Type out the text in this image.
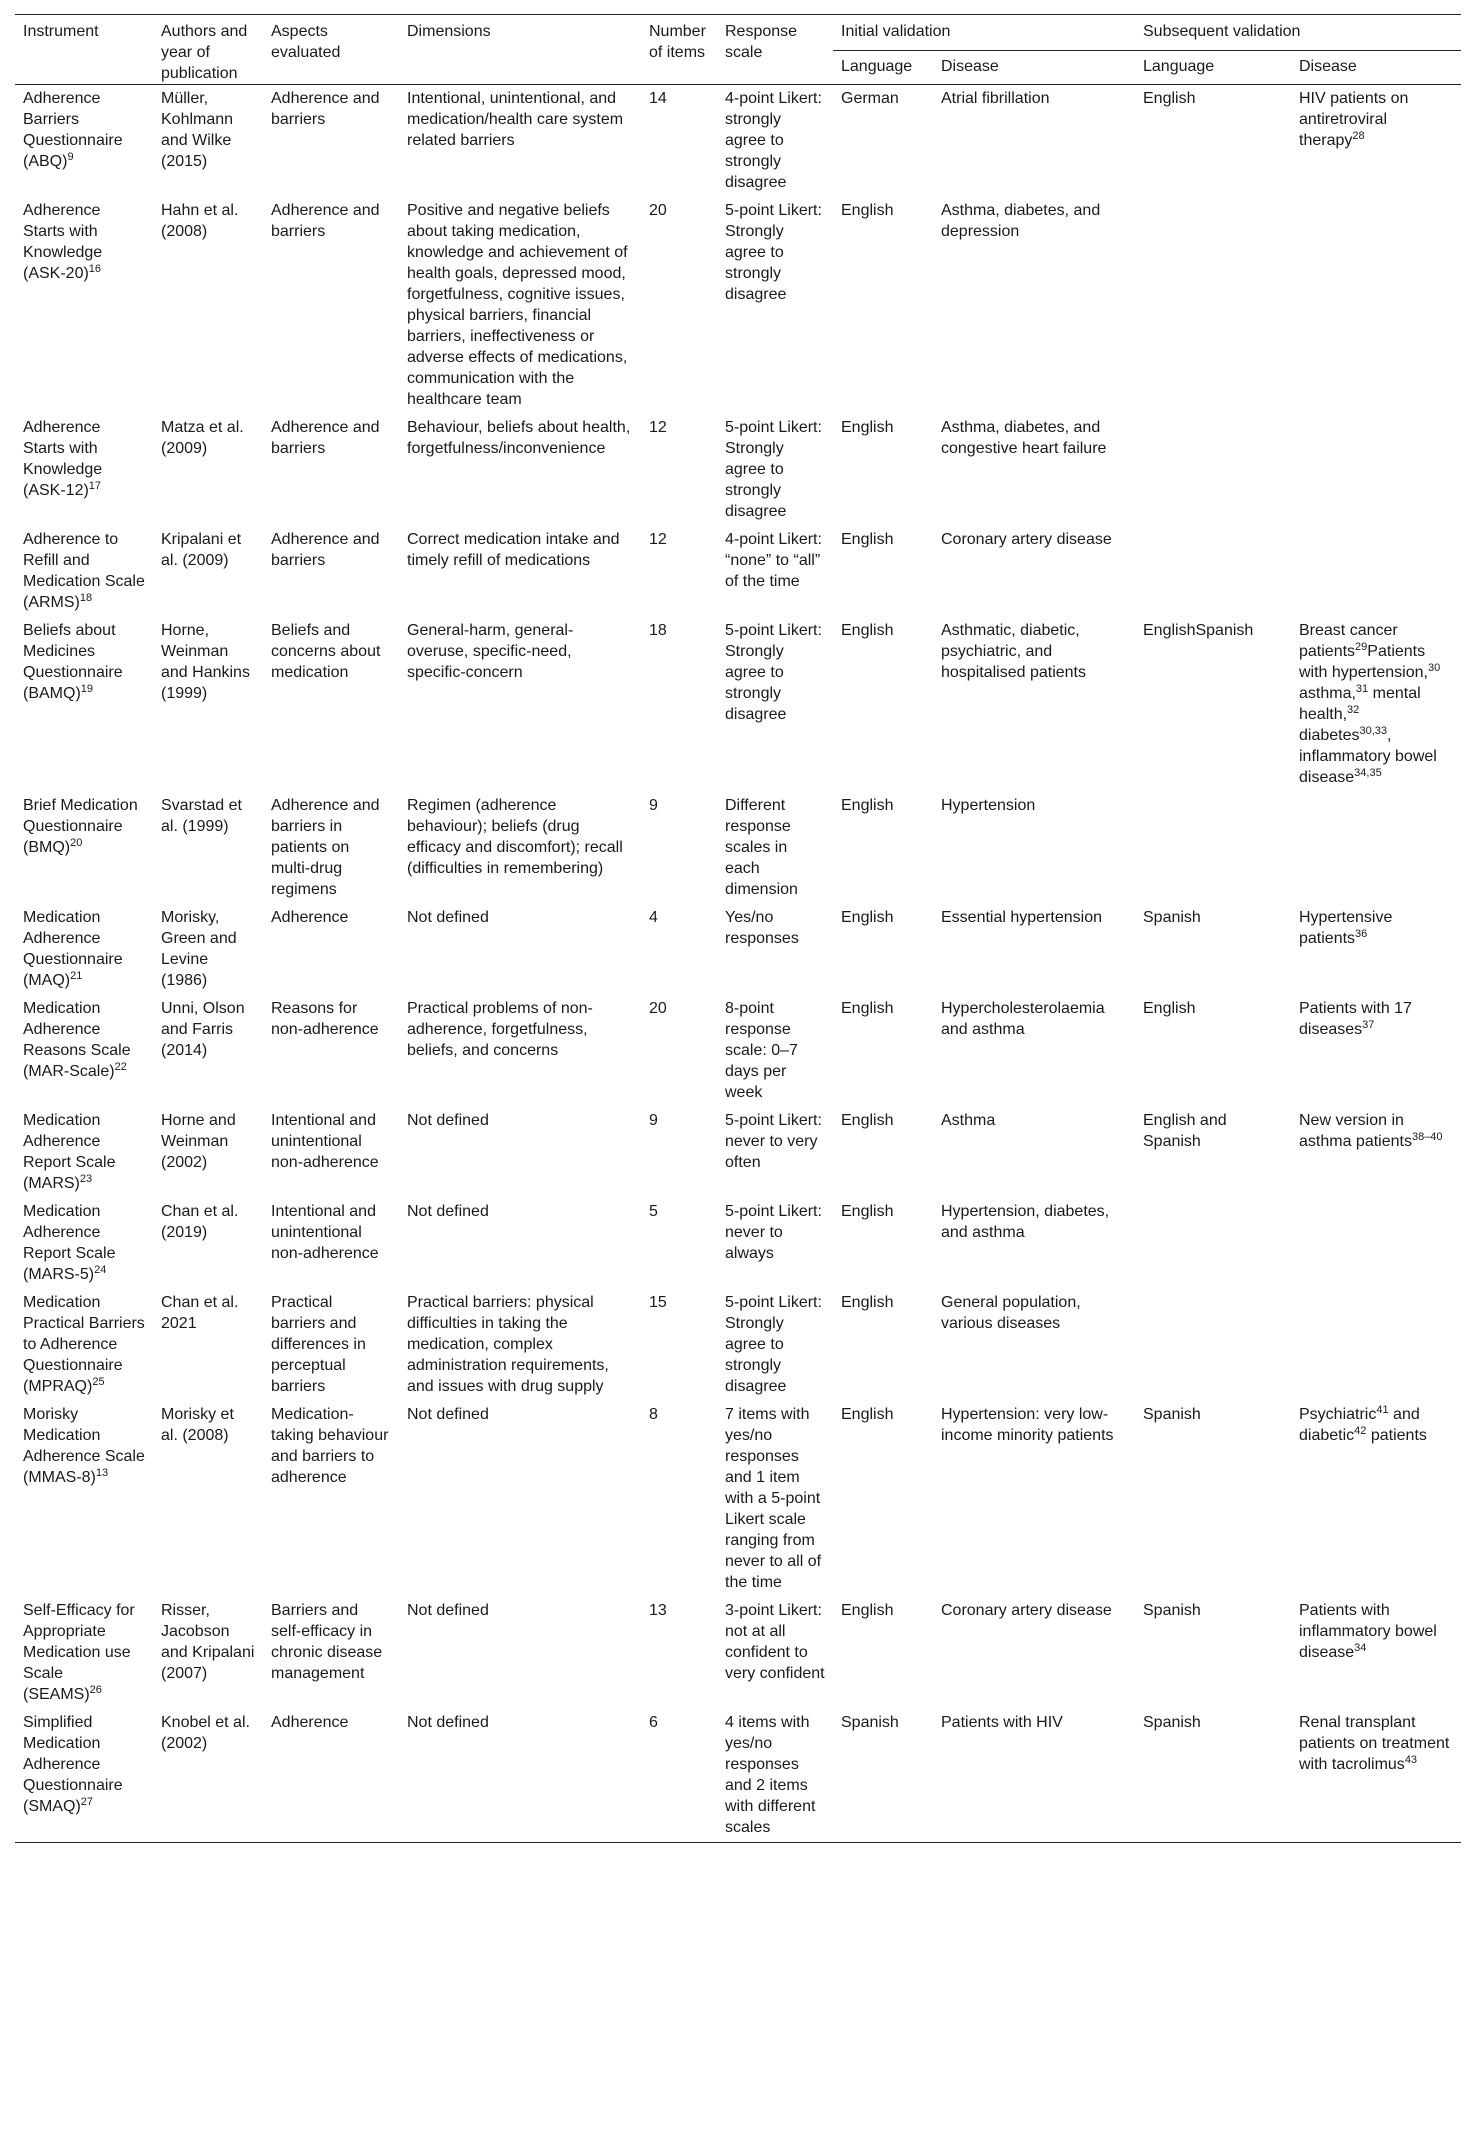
Instrument	Authors and year of publication	Aspects evaluated	Dimensions	Number of items	Response scale	Initial validation		Subsequent validation	
						Language	Disease	Language	Disease
Adherence Barriers Questionnaire (ABQ)$^9$	Müller, Kohlmann and Wilke (2015)	Adherence and barriers	Intentional, unintentional, and medication/health care system related barriers	14	4-point Likert: strongly agree to strongly disagree	German	Atrial fibrillation	English	HIV patients on antiretroviral therapy$^{28}$
Adherence Starts with Knowledge $(ASK-20)^{16}$	Hahn et al. (2008)	Adherence and barriers	Positive and negative beliefs about taking medication, knowledge and achievement of health goals, depressed mood, forgetfulness, cognitive issues, physical barriers, financial barriers, ineffectiveness or adverse effects of medications, communication with the healthcare team	20	5-point Likert: Strongly agree to strongly disagree	English	Asthma, diabetes, and depression		
Adherence Starts with Knowledge $(ASK-12)^{17}$	Matza et al. (2009)	Adherence and barriers	Behaviour, beliefs about health, forgetfulness/inconvenience	12	5-point Likert: Strongly agree to strongly disagree	English	Asthma, diabetes, and congestive heart failure		
Adherence to Refill and Medication Scale (ARMS)$^{18}$	Kripalani et al. (2009)	Adherence and barriers	Correct medication intake and timely refill of medications	12	4-point Likert: “none” to “all” of the time	English	Coronary artery disease		
Beliefs about Medicines Questionnaire (BAMQ)$^{19}$	Horne, Weinman and Hankins (1999)	Beliefs and concerns about medication	General-harm, general-overuse, specific-need, specific-concern	18	5-point Likert: Strongly agree to strongly disagree	English	Asthmatic, diabetic, psychiatric, and hospitalised patients	EnglishSpanish	Breast cancer patients$^{29}$Patients with hypertension,$^{30}$ asthma,$^{31}$ mental health,$^{32}$ diabetes$^{30,33}$, inflammatory bowel disease$^{34,35}$
Brief Medication Questionnaire (BMQ)$^{20}$	Svarstad et al. (1999)	Adherence and barriers in patients on multi-drug regimens	Regimen (adherence behaviour); beliefs (drug efficacy and discomfort); recall (difficulties in remembering)	9	Different response scales in each dimension	English	Hypertension		
Medication Adherence Questionnaire (MAQ)$^{21}$	Morisky, Green and Levine (1986)	Adherence	Not defined	4	Yes/no responses	English	Essential hypertension	Spanish	Hypertensive patients$^{36}$
Medication Adherence Reasons Scale (MAR-Scale)$^{22}$	Unni, Olson and Farris (2014)	Reasons for non-adherence	Practical problems of non-adherence, forgetfulness, beliefs, and concerns	20	8-point response scale: 0–7 days per week	English	Hypercholesterolaemia and asthma	English	Patients with 17 diseases$^{37}$
Medication Adherence Report Scale (MARS)$^{23}$	Horne and Weinman (2002)	Intentional and unintentional non-adherence	Not defined	9	5-point Likert: never to very often	English	Asthma	English and Spanish	New version in asthma patients$^{38-40}$
Medication Adherence Report Scale (MARS-5)$^{24}$	Chan et al. (2019)	Intentional and unintentional non-adherence	Not defined	5	5-point Likert: never to always	English	Hypertension, diabetes, and asthma		
Medication Practical Barriers to Adherence Questionnaire (MPRAQ)$^{25}$	Chan et al. 2021	Practical barriers and differences in perceptual barriers	Practical barriers: physical difficulties in taking the medication, complex administration requirements, and issues with drug supply	15	5-point Likert: Strongly agree to strongly disagree	English	General population, various diseases		
Morisky Medication Adherence Scale (MMAS-8)$^{13}$	Morisky et al. (2008)	Medication-taking behaviour and barriers to adherence	Not defined	8	7 items with yes/no responses and 1 item with a 5-point Likert scale ranging from never to all of the time	English	Hypertension: very low-income minority patients	Spanish	Psychiatric$^{41}$ and diabetic$^{42}$ patients
Self-Efficacy for Appropriate Medication use Scale (SEAMS)$^{26}$	Risser, Jacobson and Kripalani (2007)	Barriers and self-efficacy in chronic disease management	Not defined	13	3-point Likert: not at all confident to very confident	English	Coronary artery disease	Spanish	Patients with inflammatory bowel disease$^{34}$
Simplified Medication Adherence Questionnaire (SMAQ)$^{27}$	Knobel et al. (2002)	Adherence	Not defined	6	4 items with yes/no responses and 2 items with different scales	Spanish	Patients with HIV	Spanish	Renal transplant patients on treatment with tacrolimus$^{43}$
